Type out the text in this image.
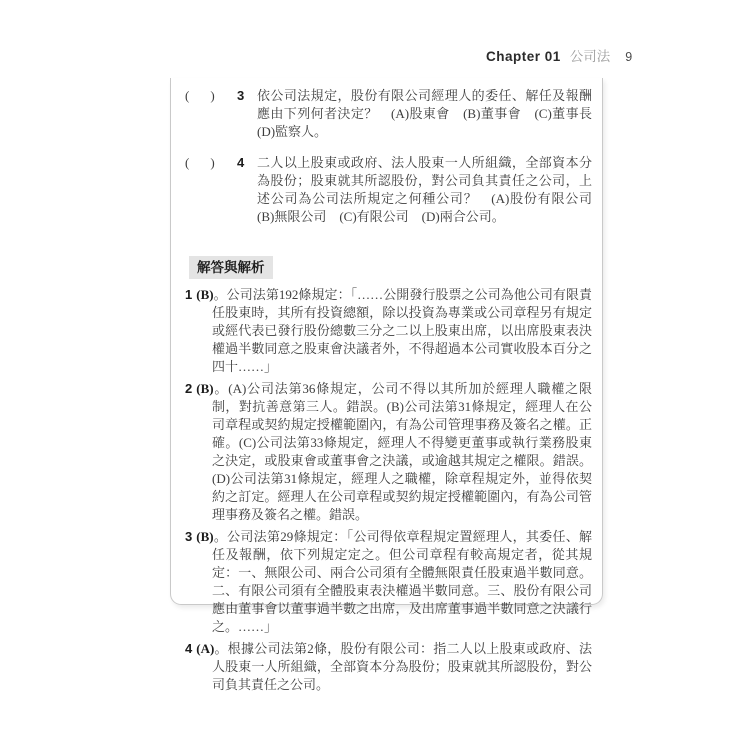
Chapter 01 公司法 9
(　)	3 依公司法規定，股份有限公司經理人的委任、解任及報酬應由下列何者決定？　(A)股東會　(B)董事會　(C)董事長　(D)監察人。

(　)	4 二人以上股東或政府、法人股東一人所組織，全部資本分為股份；股東就其所認股份，對公司負其責任之公司，上述公司為公司法所規定之何種公司？　(A)股份有限公司　(B)無限公司　(C)有限公司　(D)兩合公司。

解答與解析
1 (B)。公司法第192條規定：「……公開發行股票之公司為他公司有限責任股東時，其所有投資總額，除以投資為專業或公司章程另有規定或經代表已發行股份總數三分之二以上股東出席，以出席股東表決權過半數同意之股東會決議者外，不得超過本公司實收股本百分之四十……」
2 (B)。(A)公司法第36條規定，公司不得以其所加於經理人職權之限制，對抗善意第三人。錯誤。(B)公司法第31條規定，經理人在公司章程或契約規定授權範圍內，有為公司管理事務及簽名之權。正確。(C)公司法第33條規定，經理人不得變更董事或執行業務股東之決定，或股東會或董事會之決議，或逾越其規定之權限。錯誤。(D)公司法第31條規定，經理人之職權，除章程規定外，並得依契約之訂定。經理人在公司章程或契約規定授權範圍內，有為公司管理事務及簽名之權。錯誤。
3 (B)。公司法第29條規定：「公司得依章程規定置經理人，其委任、解任及報酬，依下列規定定之。但公司章程有較高規定者，從其規定：一、無限公司、兩合公司須有全體無限責任股東過半數同意。二、有限公司須有全體股東表決權過半數同意。三、股份有限公司應由董事會以董事過半數之出席，及出席董事過半數同意之決議行之。……」
4 (A)。根據公司法第2條，股份有限公司：指二人以上股東或政府、法人股東一人所組織，全部資本分為股份；股東就其所認股份，對公司負其責任之公司。
